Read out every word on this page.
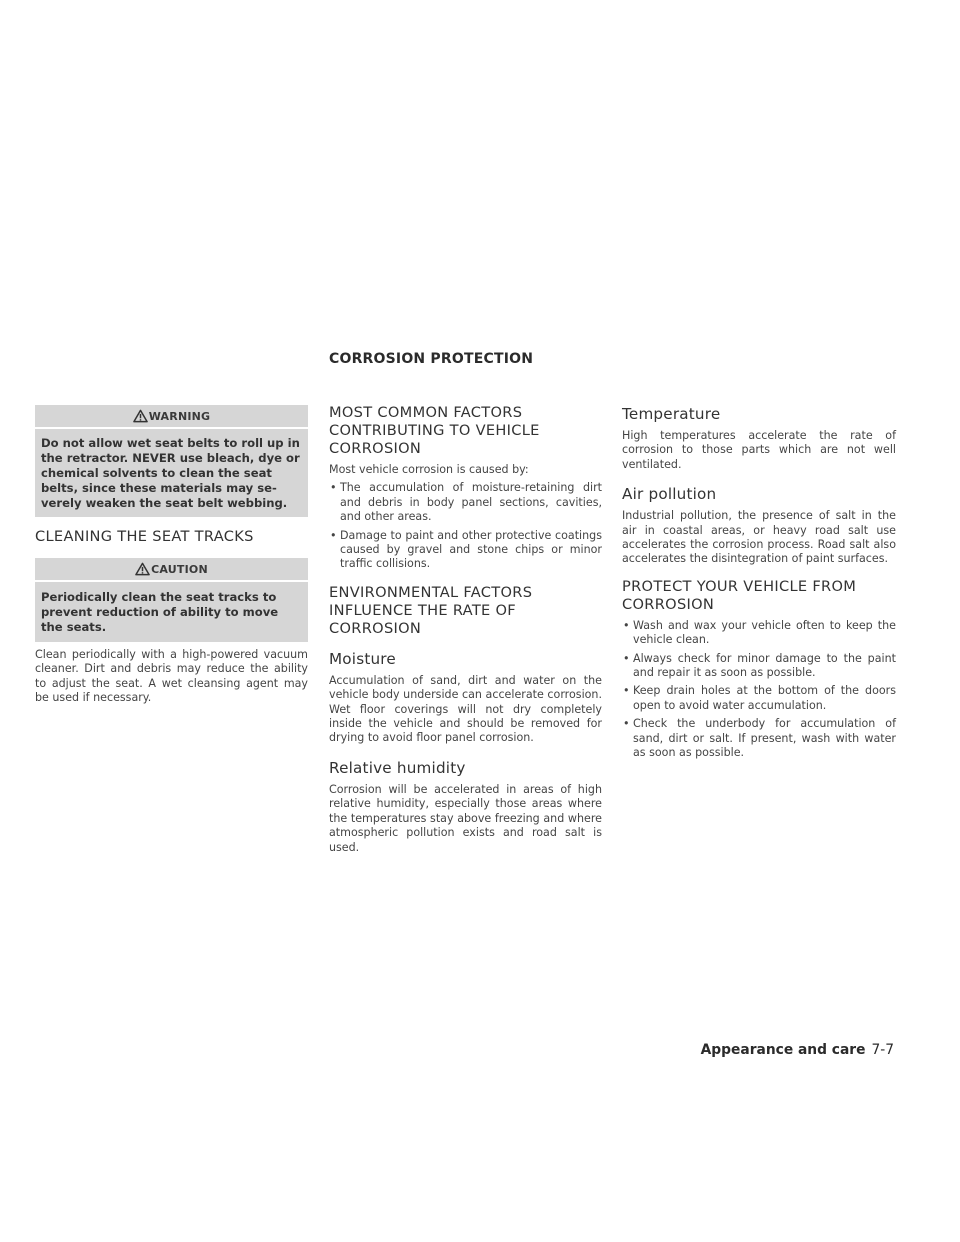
CORROSION PROTECTION
WARNING
Do not allow wet seat belts to roll up in the retractor. NEVER use bleach, dye or chemical solvents to clean the seat belts, since these materials may severely weaken the seat belt webbing.
CLEANING THE SEAT TRACKS
CAUTION
Periodically clean the seat tracks to prevent reduction of ability to move the seats.

Clean periodically with a high-powered vacuum cleaner. Dirt and debris may reduce the ability to adjust the seat. A wet cleansing agent may be used if necessary.

MOST COMMON FACTORS CONTRIBUTING TO VEHICLE CORROSION

Most vehicle corrosion is caused by:

• The accumulation of moisture-retaining dirt and debris in body panel sections, cavities, and other areas.
• Damage to paint and other protective coatings caused by gravel and stone chips or minor traffic collisions.
ENVIRONMENTAL FACTORS INFLUENCE THE RATE OF CORROSION
Moisture

Accumulation of sand, dirt and water on the vehicle body underside can accelerate corrosion. Wet floor coverings will not dry completely inside the vehicle and should be removed for drying to avoid floor panel corrosion.

Relative humidity

Corrosion will be accelerated in areas of high relative humidity, especially those areas where the temperatures stay above freezing and where atmospheric pollution exists and road salt is used.

Temperature

High temperatures accelerate the rate of corrosion to those parts which are not well ventilated.

Air pollution

Industrial pollution, the presence of salt in the air in coastal areas, or heavy road salt use accelerates the corrosion process. Road salt also accelerates the disintegration of paint surfaces.

PROTECT YOUR VEHICLE FROM CORROSION
• Wash and wax your vehicle often to keep the vehicle clean.
• Always check for minor damage to the paint and repair it as soon as possible.
• Keep drain holes at the bottom of the doors open to avoid water accumulation.
• Check the underbody for accumulation of sand, dirt or salt. If present, wash with water as soon as possible.
Appearance and care 7-7
